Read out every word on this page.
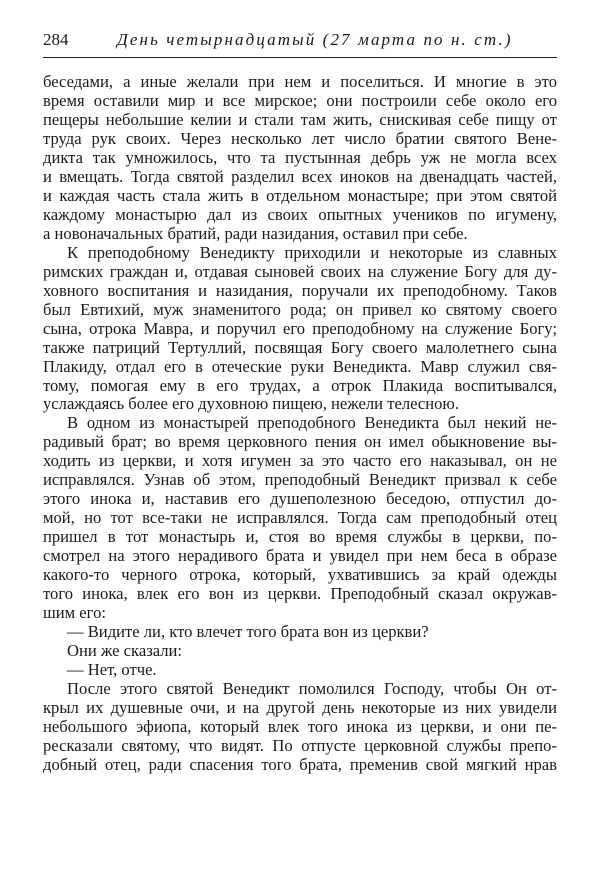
284	День четырнадцатый (27 марта по н. ст.)
беседами, а иные желали при нем и поселиться. И многие в это
время оставили мир и все мирское; они построили себе около его
пещеры небольшие келии и стали там жить, снискивая себе пищу от
труда рук своих. Через несколько лет число братии святого Вене-
дикта так умножилось, что та пустынная дебрь уж не могла всех
и вмещать. Тогда святой разделил всех иноков на двенадцать частей,
и каждая часть стала жить в отдельном монастыре; при этом святой
каждому монастырю дал из своих опытных учеников по игумену,
а новоначальных братий, ради назидания, оставил при себе.
К преподобному Венедикту приходили и некоторые из славных
римских граждан и, отдавая сыновей своих на служение Богу для ду-
ховного воспитания и назидания, поручали их преподобному. Таков
был Евтихий, муж знаменитого рода; он привел ко святому своего
сына, отрока Мавра, и поручил его преподобному на служение Богу;
также патриций Тертуллий, посвящая Богу своего малолетнего сына
Плакиду, отдал его в отеческие руки Венедикта. Мавр служил свя-
тому, помогая ему в его трудах, а отрок Плакида воспитывался,
услаждаясь более его духовною пищею, нежели телесною.
В одном из монастырей преподобного Венедикта был некий не-
радивый брат; во время церковного пения он имел обыкновение вы-
ходить из церкви, и хотя игумен за это часто его наказывал, он не
исправлялся. Узнав об этом, преподобный Венедикт призвал к себе
этого инока и, наставив его душеполезною беседою, отпустил до-
мой, но тот все-таки не исправлялся. Тогда сам преподобный отец
пришел в тот монастырь и, стоя во время службы в церкви, по-
смотрел на этого нерадивого брата и увидел при нем беса в образе
какого-то черного отрока, который, ухватившись за край одежды
того инока, влек его вон из церкви. Преподобный сказал окружав-
шим его:
— Видите ли, кто влечет того брата вон из церкви?
Они же сказали:
— Нет, отче.
После этого святой Венедикт помолился Господу, чтобы Он от-
крыл их душевные очи, и на другой день некоторые из них увидели
небольшого эфиопа, который влек того инока из церкви, и они пе-
ресказали святому, что видят. По отпусте церковной службы препо-
добный отец, ради спасения того брата, пременив свой мягкий нрав
